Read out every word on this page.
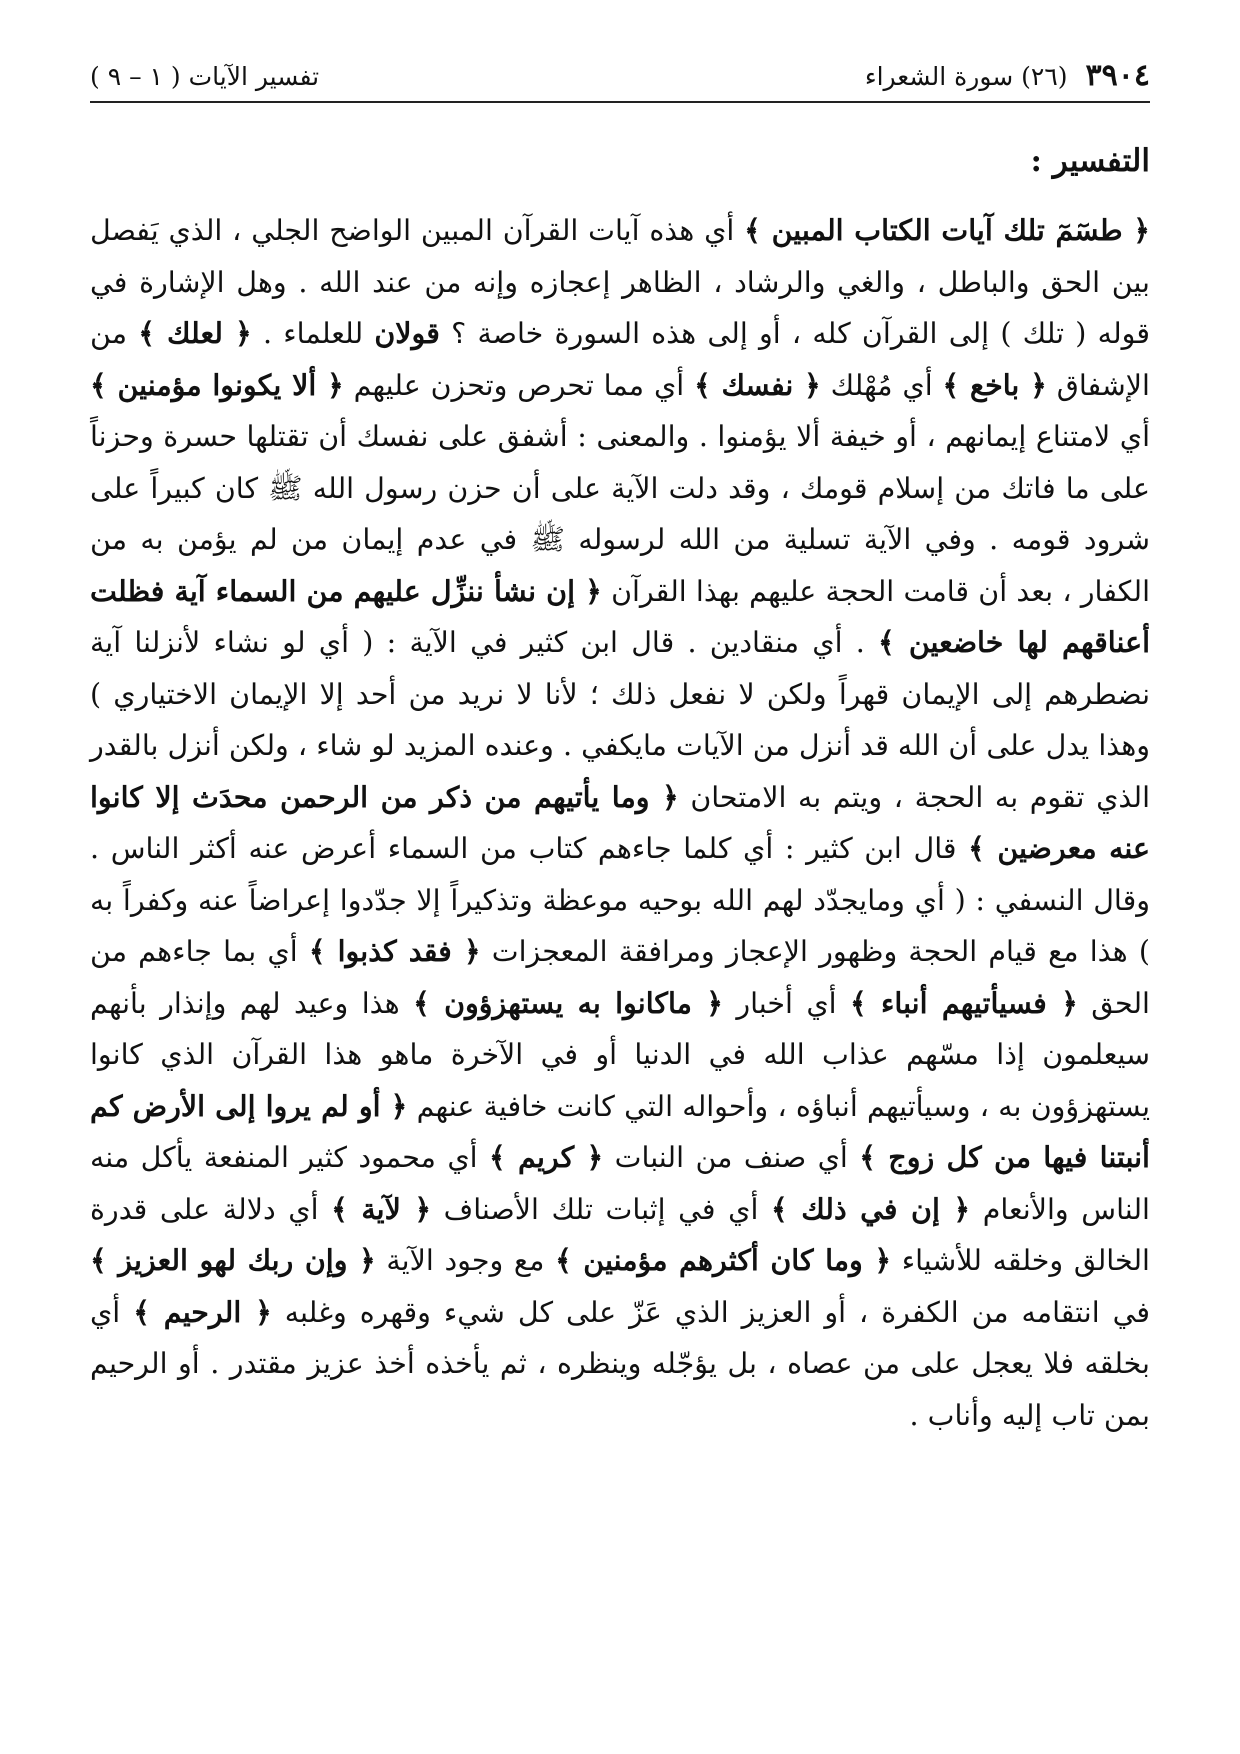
٣٩٠٤
(٢٦) سورة الشعراء
تفسير الآيات ( ١ – ٩ )
التفسير :

﴿ طسٓمٓ تلك آيات الكتاب المبين ﴾ أي هذه آيات القرآن المبين الواضح الجلي ، الذي يَفصل بين الحق والباطل ، والغي والرشاد ، الظاهر إعجازه وإنه من عند الله . وهل الإشارة في قوله ( تلك ) إلى القرآن كله ، أو إلى هذه السورة خاصة ؟ قولان للعلماء . ﴿ لعلك ﴾ من الإشفاق ﴿ باخع ﴾ أي مُهْلك ﴿ نفسك ﴾ أي مما تحرص وتحزن عليهم ﴿ ألا يكونوا مؤمنين ﴾ أي لامتناع إيمانهم ، أو خيفة ألا يؤمنوا . والمعنى : أشفق على نفسك أن تقتلها حسرة وحزناً على ما فاتك من إسلام قومك ، وقد دلت الآية على أن حزن رسول الله ﷺ كان كبيراً على شرود قومه . وفي الآية تسلية من الله لرسوله ﷺ في عدم إيمان من لم يؤمن به من الكفار ، بعد أن قامت الحجة عليهم بهذا القرآن ﴿ إن نشأ ننزِّل عليهم من السماء آية فظلت أعناقهم لها خاضعين ﴾ . أي منقادين . قال ابن كثير في الآية : ( أي لو نشاء لأنزلنا آية نضطرهم إلى الإيمان قهراً ولكن لا نفعل ذلك ؛ لأنا لا نريد من أحد إلا الإيمان الاختياري ) وهذا يدل على أن الله قد أنزل من الآيات مايكفي . وعنده المزيد لو شاء ، ولكن أنزل بالقدر الذي تقوم به الحجة ، ويتم به الامتحان ﴿ وما يأتيهم من ذكر من الرحمن محدَث إلا كانوا عنه معرضين ﴾ قال ابن كثير : أي كلما جاءهم كتاب من السماء أعرض عنه أكثر الناس . وقال النسفي : ( أي ومايجدّد لهم الله بوحيه موعظة وتذكيراً إلا جدّدوا إعراضاً عنه وكفراً به ) هذا مع قيام الحجة وظهور الإعجاز ومرافقة المعجزات ﴿ فقد كذبوا ﴾ أي بما جاءهم من الحق ﴿ فسيأتيهم أنباء ﴾ أي أخبار ﴿ ماكانوا به يستهزؤون ﴾ هذا وعيد لهم وإنذار بأنهم سيعلمون إذا مسّهم عذاب الله في الدنيا أو في الآخرة ماهو هذا القرآن الذي كانوا يستهزؤون به ، وسيأتيهم أنباؤه ، وأحواله التي كانت خافية عنهم ﴿ أو لم يروا إلى الأرض كم أنبتنا فيها من كل زوج ﴾ أي صنف من النبات ﴿ كريم ﴾ أي محمود كثير المنفعة يأكل منه الناس والأنعام ﴿ إن في ذلك ﴾ أي في إثبات تلك الأصناف ﴿ لآية ﴾ أي دلالة على قدرة الخالق وخلقه للأشياء ﴿ وما كان أكثرهم مؤمنين ﴾ مع وجود الآية ﴿ وإن ربك لهو العزيز ﴾ في انتقامه من الكفرة ، أو العزيز الذي عَزّ على كل شيء وقهره وغلبه ﴿ الرحيم ﴾ أي بخلقه فلا يعجل على من عصاه ، بل يؤجّله وينظره ، ثم يأخذه أخذ عزيز مقتدر . أو الرحيم بمن تاب إليه وأناب .
